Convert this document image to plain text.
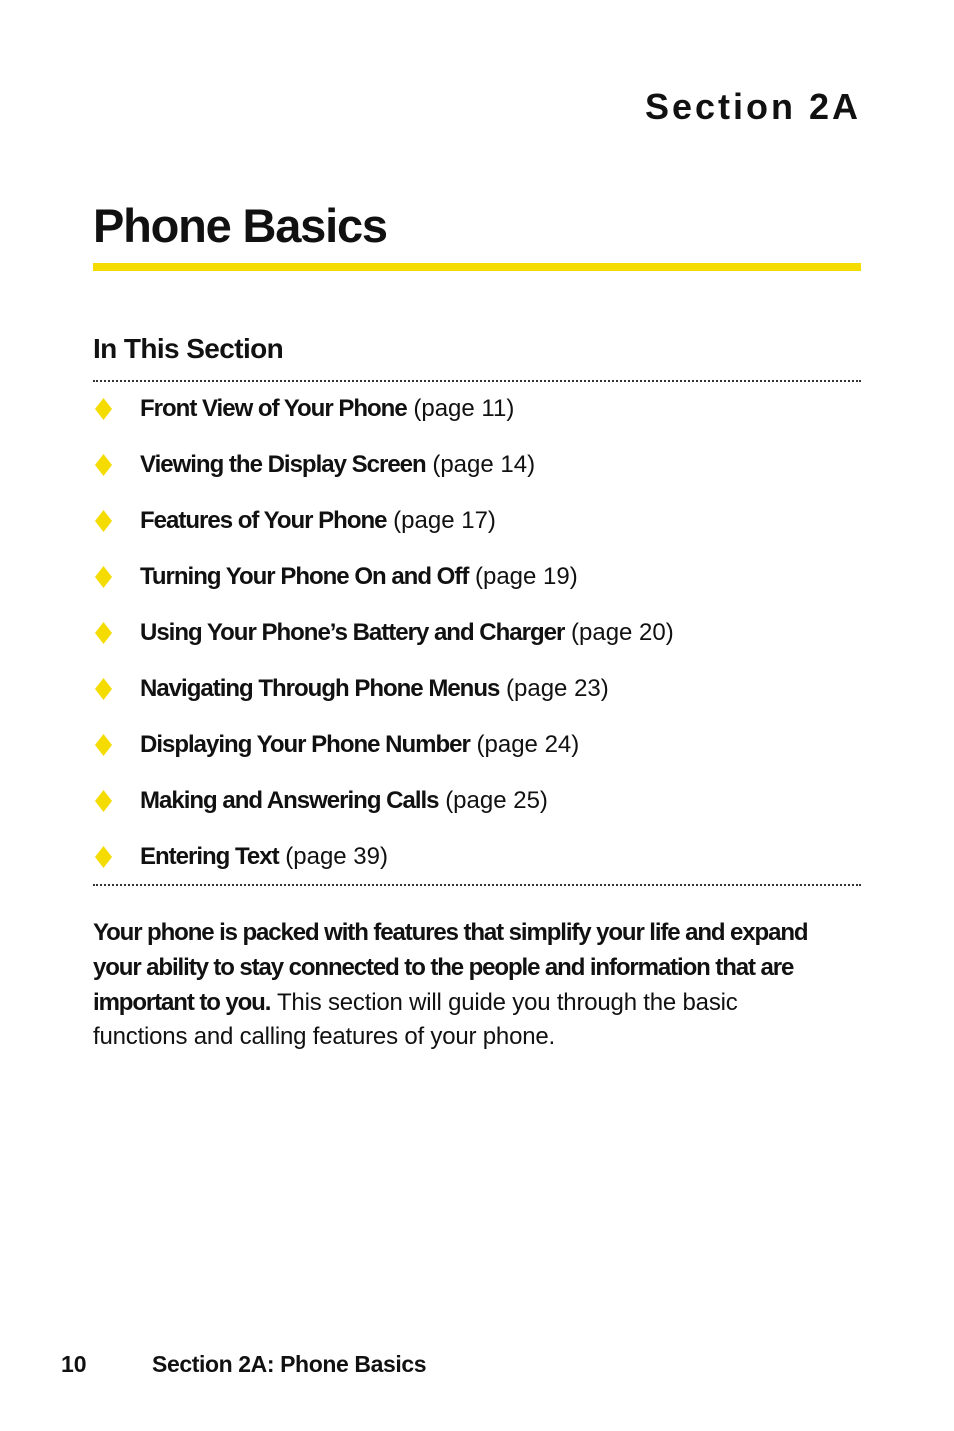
Section 2A
Phone Basics
In This Section
Front View of Your Phone (page 11)
Viewing the Display Screen (page 14)
Features of Your Phone (page 17)
Turning Your Phone On and Off (page 19)
Using Your Phone’s Battery and Charger (page 20)
Navigating Through Phone Menus (page 23)
Displaying Your Phone Number (page 24)
Making and Answering Calls (page 25)
Entering Text (page 39)

Your phone is packed with features that simplify your life and expand your ability to stay connected to the people and information that are important to you. This section will guide you through the basic functions and calling features of your phone.

10	Section 2A: Phone Basics
